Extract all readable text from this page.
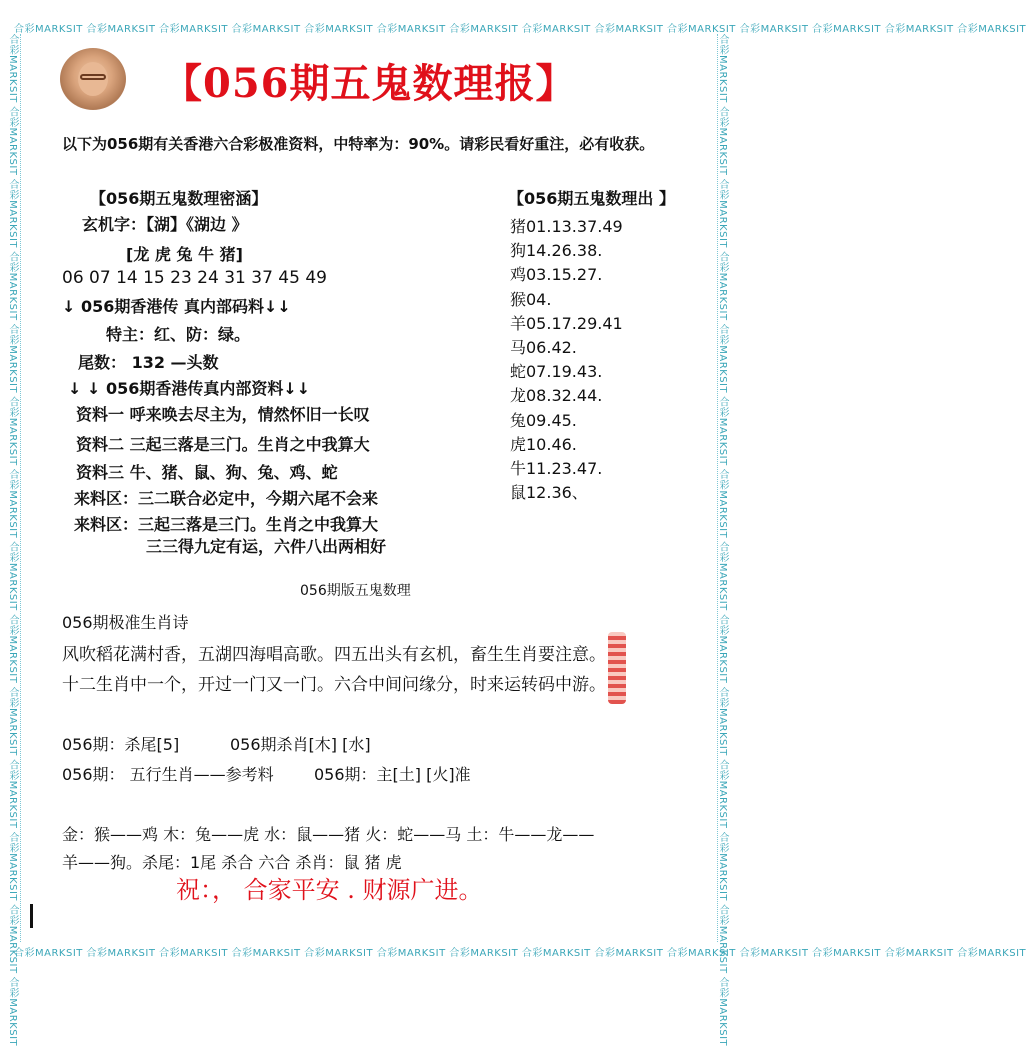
合彩MARKSIT 合彩MARKSIT 合彩MARKSIT 合彩MARKSIT 合彩MARKSIT 合彩MARKSIT 合彩MARKSIT 合彩MARKSIT 合彩MARKSIT 合彩MARKSIT 合彩MARKSIT 合彩MARKSIT 合彩MARKSIT 合彩MARKSIT
合彩MARKSIT 合彩MARKSIT 合彩MARKSIT 合彩MARKSIT 合彩MARKSIT 合彩MARKSIT 合彩MARKSIT 合彩MARKSIT 合彩MARKSIT 合彩MARKSIT 合彩MARKSIT 合彩MARKSIT 合彩MARKSIT 合彩MARKSIT
合彩MARKSIT 合彩MARKSIT 合彩MARKSIT 合彩MARKSIT 合彩MARKSIT 合彩MARKSIT 合彩MARKSIT 合彩MARKSIT 合彩MARKSIT 合彩MARKSIT 合彩MARKSIT 合彩MARKSIT 合彩MARKSIT 合彩MARKSIT	合彩MARKSIT 合彩MARKSIT 合彩MARKSIT 合彩MARKSIT 合彩MARKSIT 合彩MARKSIT 合彩MARKSIT 合彩MARKSIT 合彩MARKSIT 合彩MARKSIT 合彩MARKSIT 合彩MARKSIT 合彩MARKSIT 合彩MARKSIT
【056期五鬼数理报】
以下为056期有关香港六合彩极准资料，中特率为：90%。请彩民看好重注，必有收获。
【056期五鬼数理密涵】
玄机字：【湖】《湖边 》
[龙 虎 兔 牛 猪]
06 07 14 15 23 24 31 37 45 49
↓ 056期香港传 真内部码料↓↓
特主：红、防：绿。
尾数： 132 —头数
↓ ↓ 056期香港传真内部资料↓↓
资料一 呼来唤去尽主为，情然怀旧一长叹
资料二 三起三落是三门。生肖之中我算大
资料三 牛、猪、鼠、狗、兔、鸡、蛇
来料区：三二联合必定中，今期六尾不会来
来料区：三起三落是三门。生肖之中我算大
三三得九定有运，六件八出两相好
【056期五鬼数理出 】
猪01.13.37.49
狗14.26.38.
鸡03.15.27.
猴04.
羊05.17.29.41
马06.42.
蛇07.19.43.
龙08.32.44.
兔09.45.
虎10.46.
牛11.23.47.
鼠12.36、
056期版五鬼数理
056期极准生肖诗
风吹稻花满村香，五湖四海唱高歌。四五出头有玄机，畜生生肖要注意。
十二生肖中一个，开过一门又一门。六合中间问缘分，时来运转码中游。
056期：杀尾[5]	056期杀肖[木] [水]
056期： 五行生肖——参考料	056期：主[土] [火]准
金：猴——鸡 木：兔——虎 水：鼠——猪 火：蛇——马 土：牛——龙——
羊——狗。杀尾：1尾 杀合 六合 杀肖：鼠 猪 虎
祝：， 合家平安 . 财源广进。
